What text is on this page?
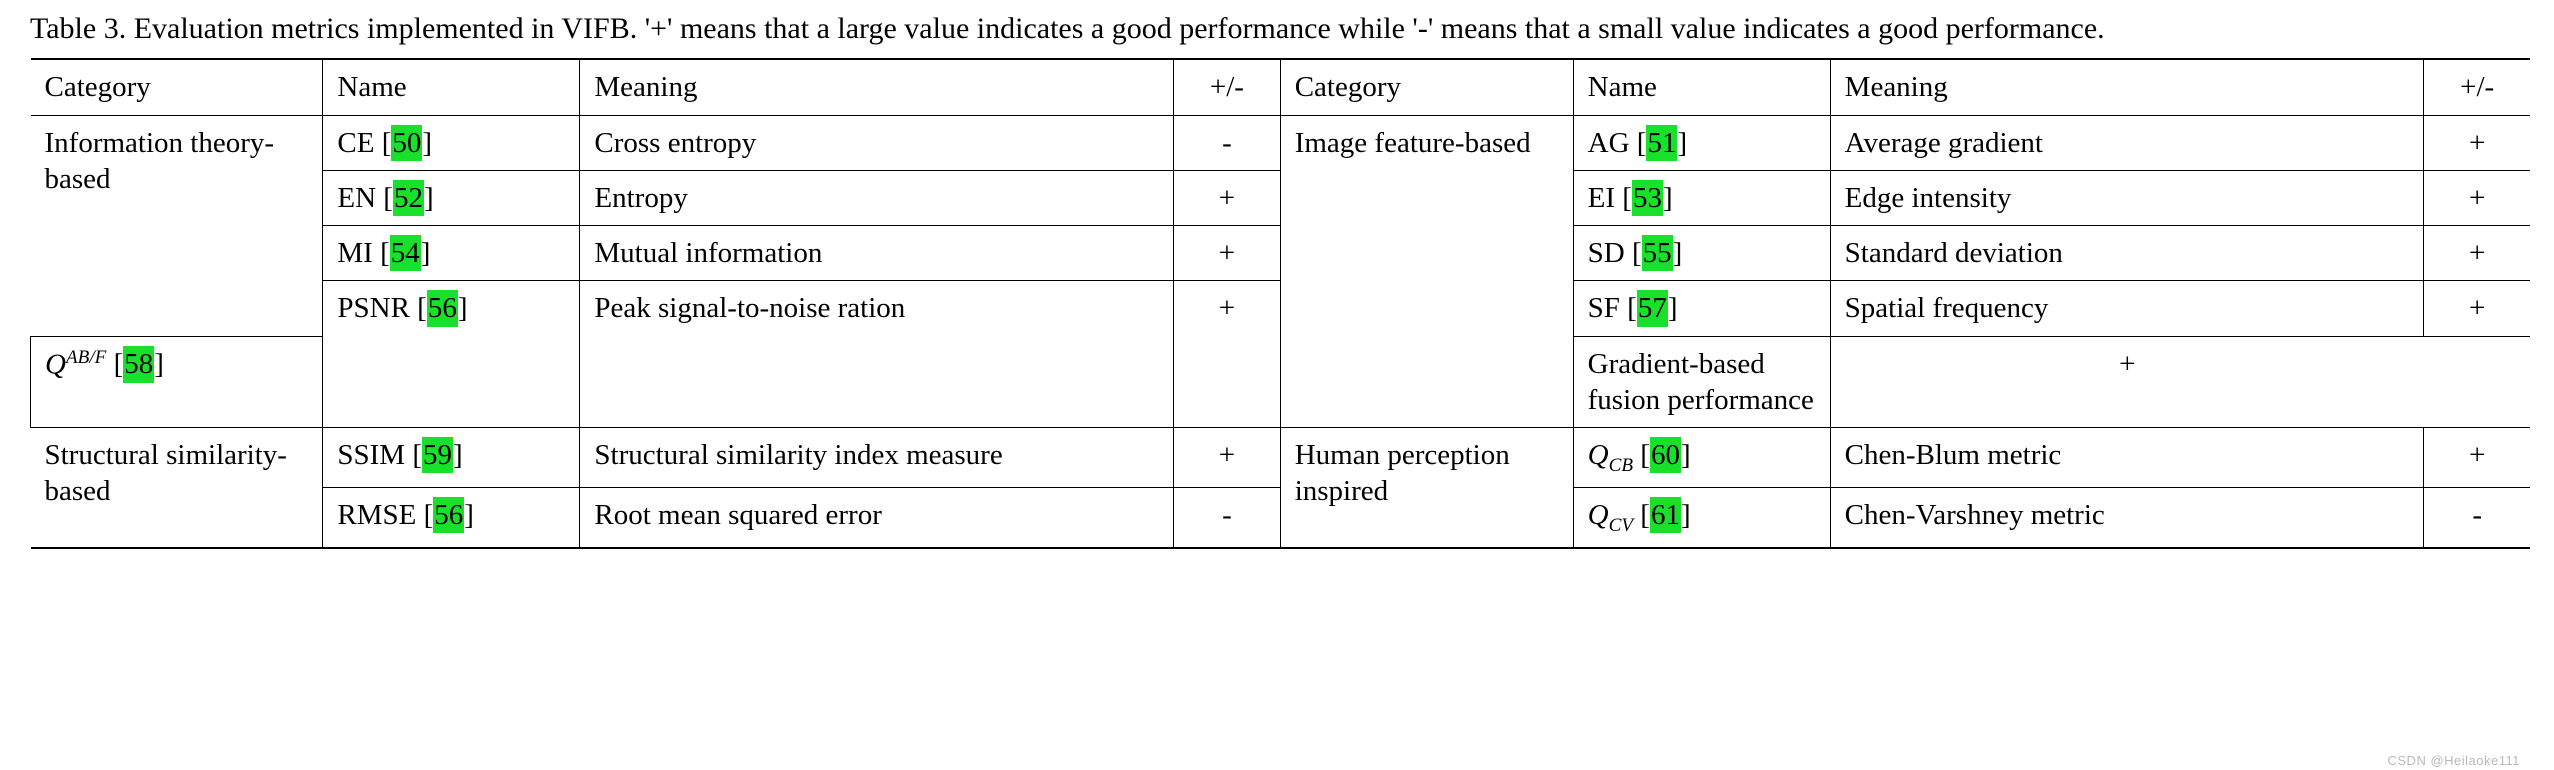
Table 3. Evaluation metrics implemented in VIFB. '+' means that a large value indicates a good performance while '-' means that a small value indicates a good performance.

Category	Name	Meaning	+/-	Category	Name	Meaning	+/-
Information theory-based	CE [50]	Cross entropy	-	Image feature-based	AG [51]	Average gradient	+
	EN [52]	Entropy	+		EI [53]	Edge intensity	+
	MI [54]	Mutual information	+		SD [55]	Standard deviation	+
	PSNR [56]	Peak signal-to-noise ration	+		SF [57]	Spatial frequency	+
$Q^{AB/F}$ [58]					Gradient-based fusion performance	+	
Structural similarity-based	SSIM [59]	Structural similarity index measure	+	Human perception inspired	$Q_{CB}$ [60]	Chen-Blum metric	+
	RMSE [56]	Root mean squared error	-		$Q_{CV}$ [61]	Chen-Varshney metric	-
CSDN @Heilaoke111
